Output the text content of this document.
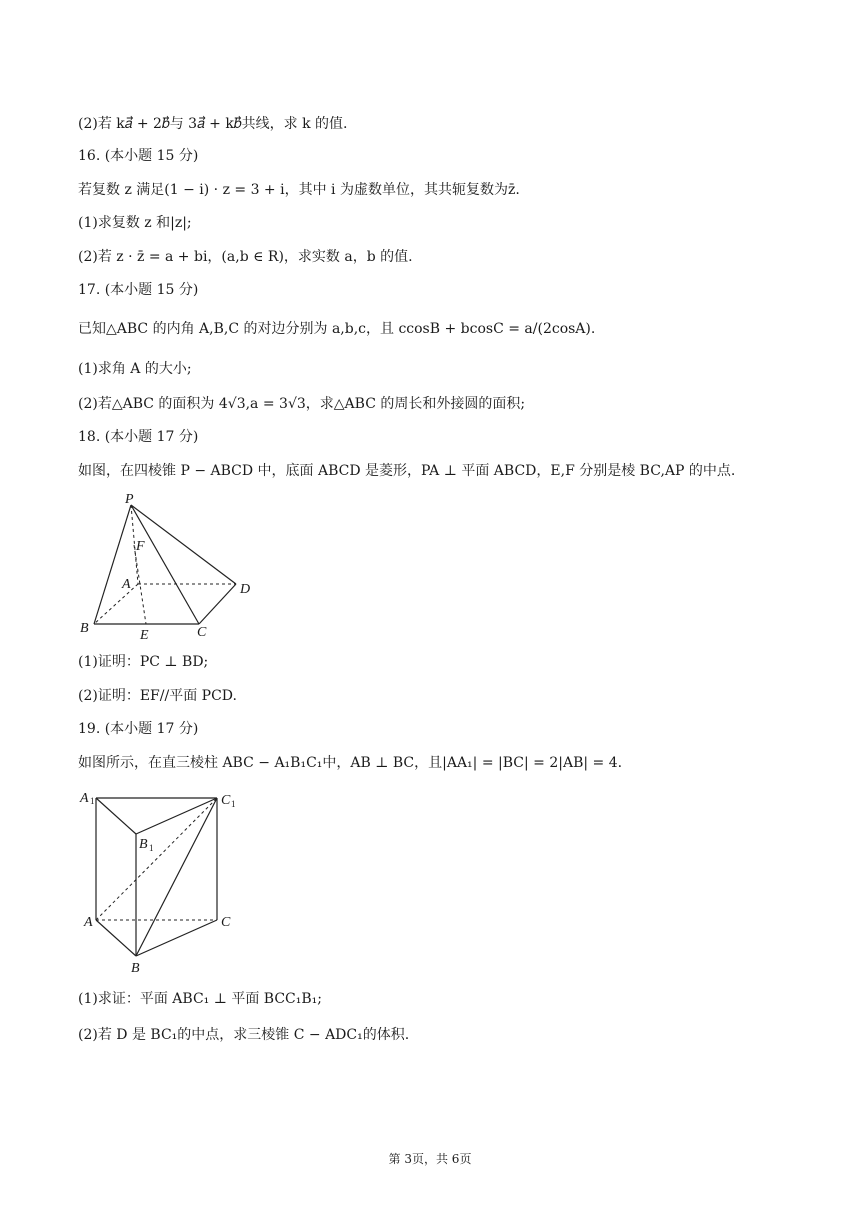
(2)若 k𝑎⃗ + 2𝑏⃗与 3𝑎⃗ + k𝑏⃗共线，求 k 的值.
16. (本小题 15 分)
若复数 z 满足(1 − i) · z = 3 + i，其中 i 为虚数单位，其共轭复数为z̄.
(1)求复数 z 和|z|;
(2)若 z · z̄ = a + bi，(a,b ∈ R)，求实数 a，b 的值.
17. (本小题 15 分)
已知△ABC 的内角 A,B,C 的对边分别为 a,b,c，且 ccosB + bcosC = a/(2cosA).
(1)求角 A 的大小;
(2)若△ABC 的面积为 4√3,a = 3√3，求△ABC 的周长和外接圆的面积;
18. (本小题 17 分)
如图，在四棱锥 P − ABCD 中，底面 ABCD 是菱形，PA ⊥ 平面 ABCD，E,F 分别是棱 BC,AP 的中点.
P
F
A	D
B	E	C
(1)证明：PC ⊥ BD;
(2)证明：EF//平面 PCD.
19. (本小题 17 分)
如图所示，在直三棱柱 ABC − A₁B₁C₁中，AB ⊥ BC，且|AA₁| = |BC| = 2|AB| = 4.
A 1	C 1
B 1
A	C
B
(1)求证：平面 ABC₁ ⊥ 平面 BCC₁B₁;
(2)若 D 是 BC₁的中点，求三棱锥 C − ADC₁的体积.
第 3页，共 6页
